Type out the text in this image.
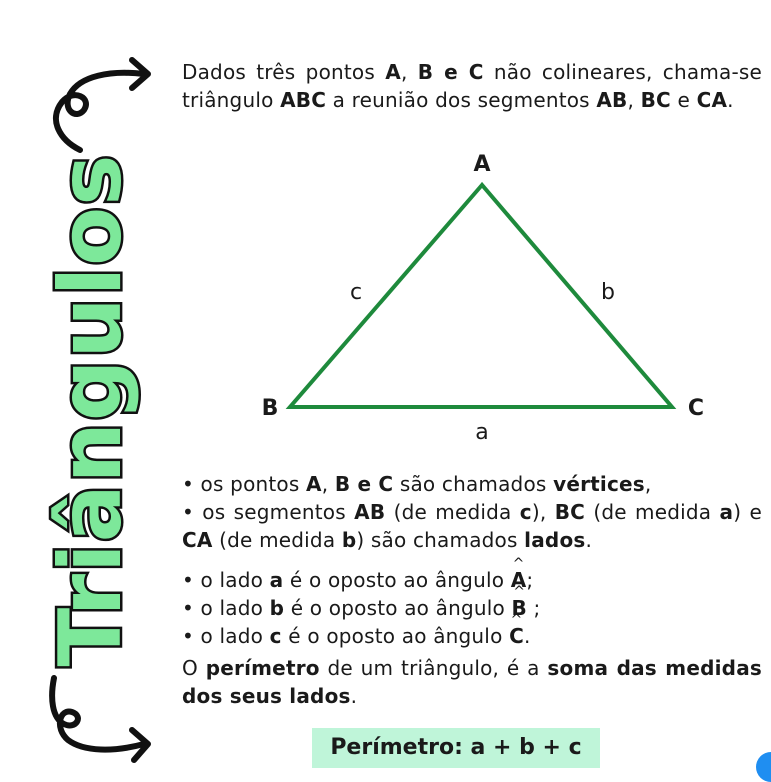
Triângulos
Dados três pontos A, B e C não colineares, chama-se triângulo ABC a reunião dos segmentos AB, BC e CA.
A
B	C
a
b
c

• os pontos A, B e C são chamados vértices,

• os segmentos AB (de medida c), BC (de medida a) e CA (de medida b) são chamados lados.

• o lado a é o oposto ao ângulo ^ A;

• o lado b é o oposto ao ângulo ^ B ;

• o lado c é o oposto ao ângulo ^ C.

O perímetro de um triângulo, é a soma das medidas dos seus lados.
Perímetro: a + b + c
